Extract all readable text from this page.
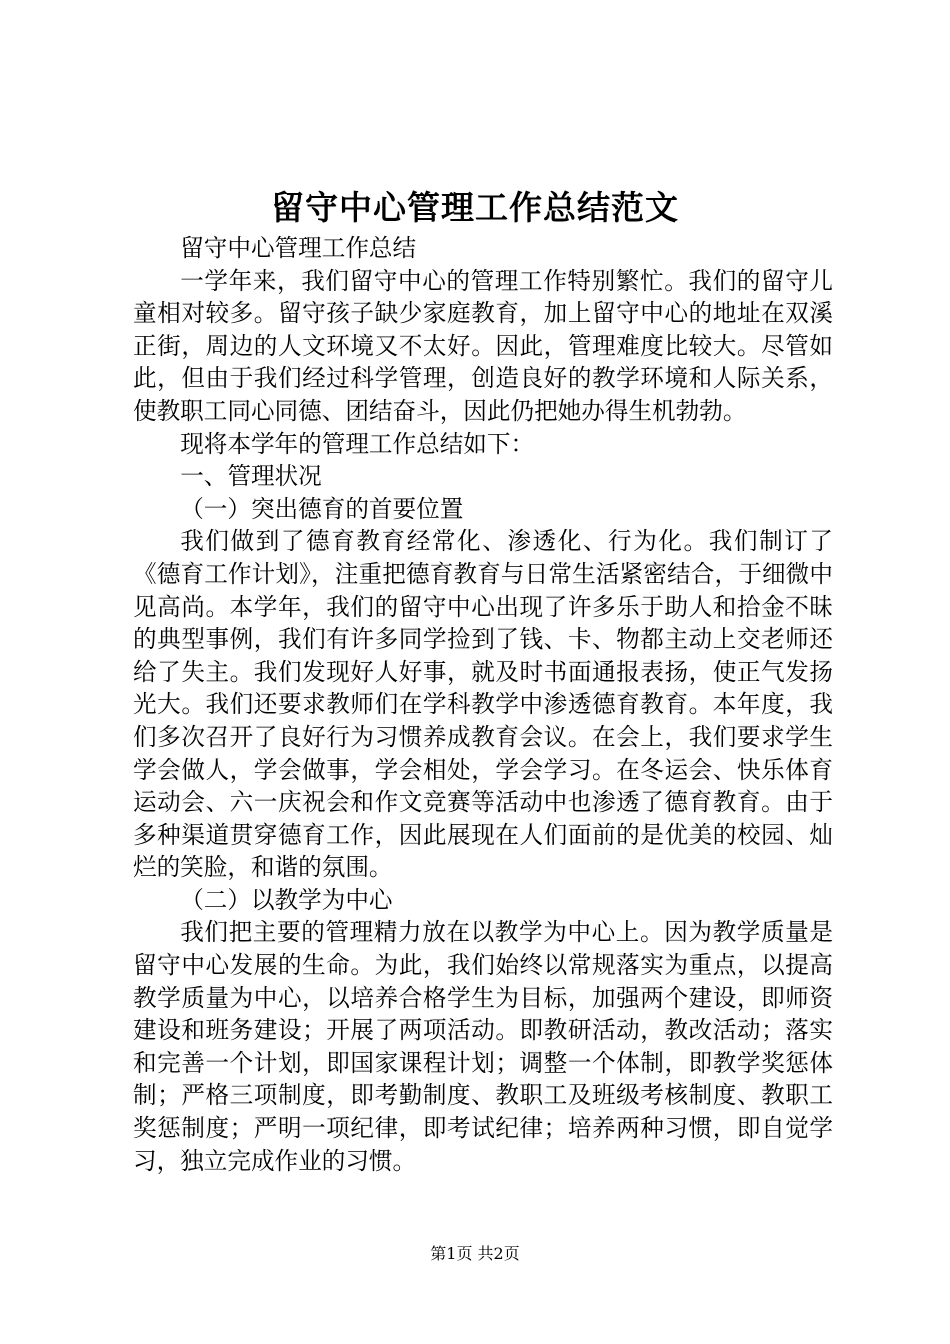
留守中心管理工作总结范文

留守中心管理工作总结

一学年来，我们留守中心的管理工作特别繁忙。我们的留守儿童相对较多。留守孩子缺少家庭教育，加上留守中心的地址在双溪正街，周边的人文环境又不太好。因此，管理难度比较大。尽管如此，但由于我们经过科学管理，创造良好的教学环境和人际关系，使教职工同心同德、团结奋斗，因此仍把她办得生机勃勃。

现将本学年的管理工作总结如下：

一、管理状况

（一）突出德育的首要位置

我们做到了德育教育经常化、渗透化、行为化。我们制订了《德育工作计划》，注重把德育教育与日常生活紧密结合，于细微中见高尚。本学年，我们的留守中心出现了许多乐于助人和拾金不昧的典型事例，我们有许多同学捡到了钱、卡、物都主动上交老师还给了失主。我们发现好人好事，就及时书面通报表扬，使正气发扬光大。我们还要求教师们在学科教学中渗透德育教育。本年度，我们多次召开了良好行为习惯养成教育会议。在会上，我们要求学生学会做人，学会做事，学会相处，学会学习。在冬运会、快乐体育运动会、六一庆祝会和作文竞赛等活动中也渗透了德育教育。由于多种渠道贯穿德育工作，因此展现在人们面前的是优美的校园、灿烂的笑脸，和谐的氛围。

（二）以教学为中心

我们把主要的管理精力放在以教学为中心上。因为教学质量是留守中心发展的生命。为此，我们始终以常规落实为重点，以提高教学质量为中心，以培养合格学生为目标，加强两个建设，即师资建设和班务建设；开展了两项活动。即教研活动，教改活动；落实和完善一个计划，即国家课程计划；调整一个体制，即教学奖惩体制；严格三项制度，即考勤制度、教职工及班级考核制度、教职工奖惩制度；严明一项纪律，即考试纪律；培养两种习惯，即自觉学习，独立完成作业的习惯。

第1页 共2页
